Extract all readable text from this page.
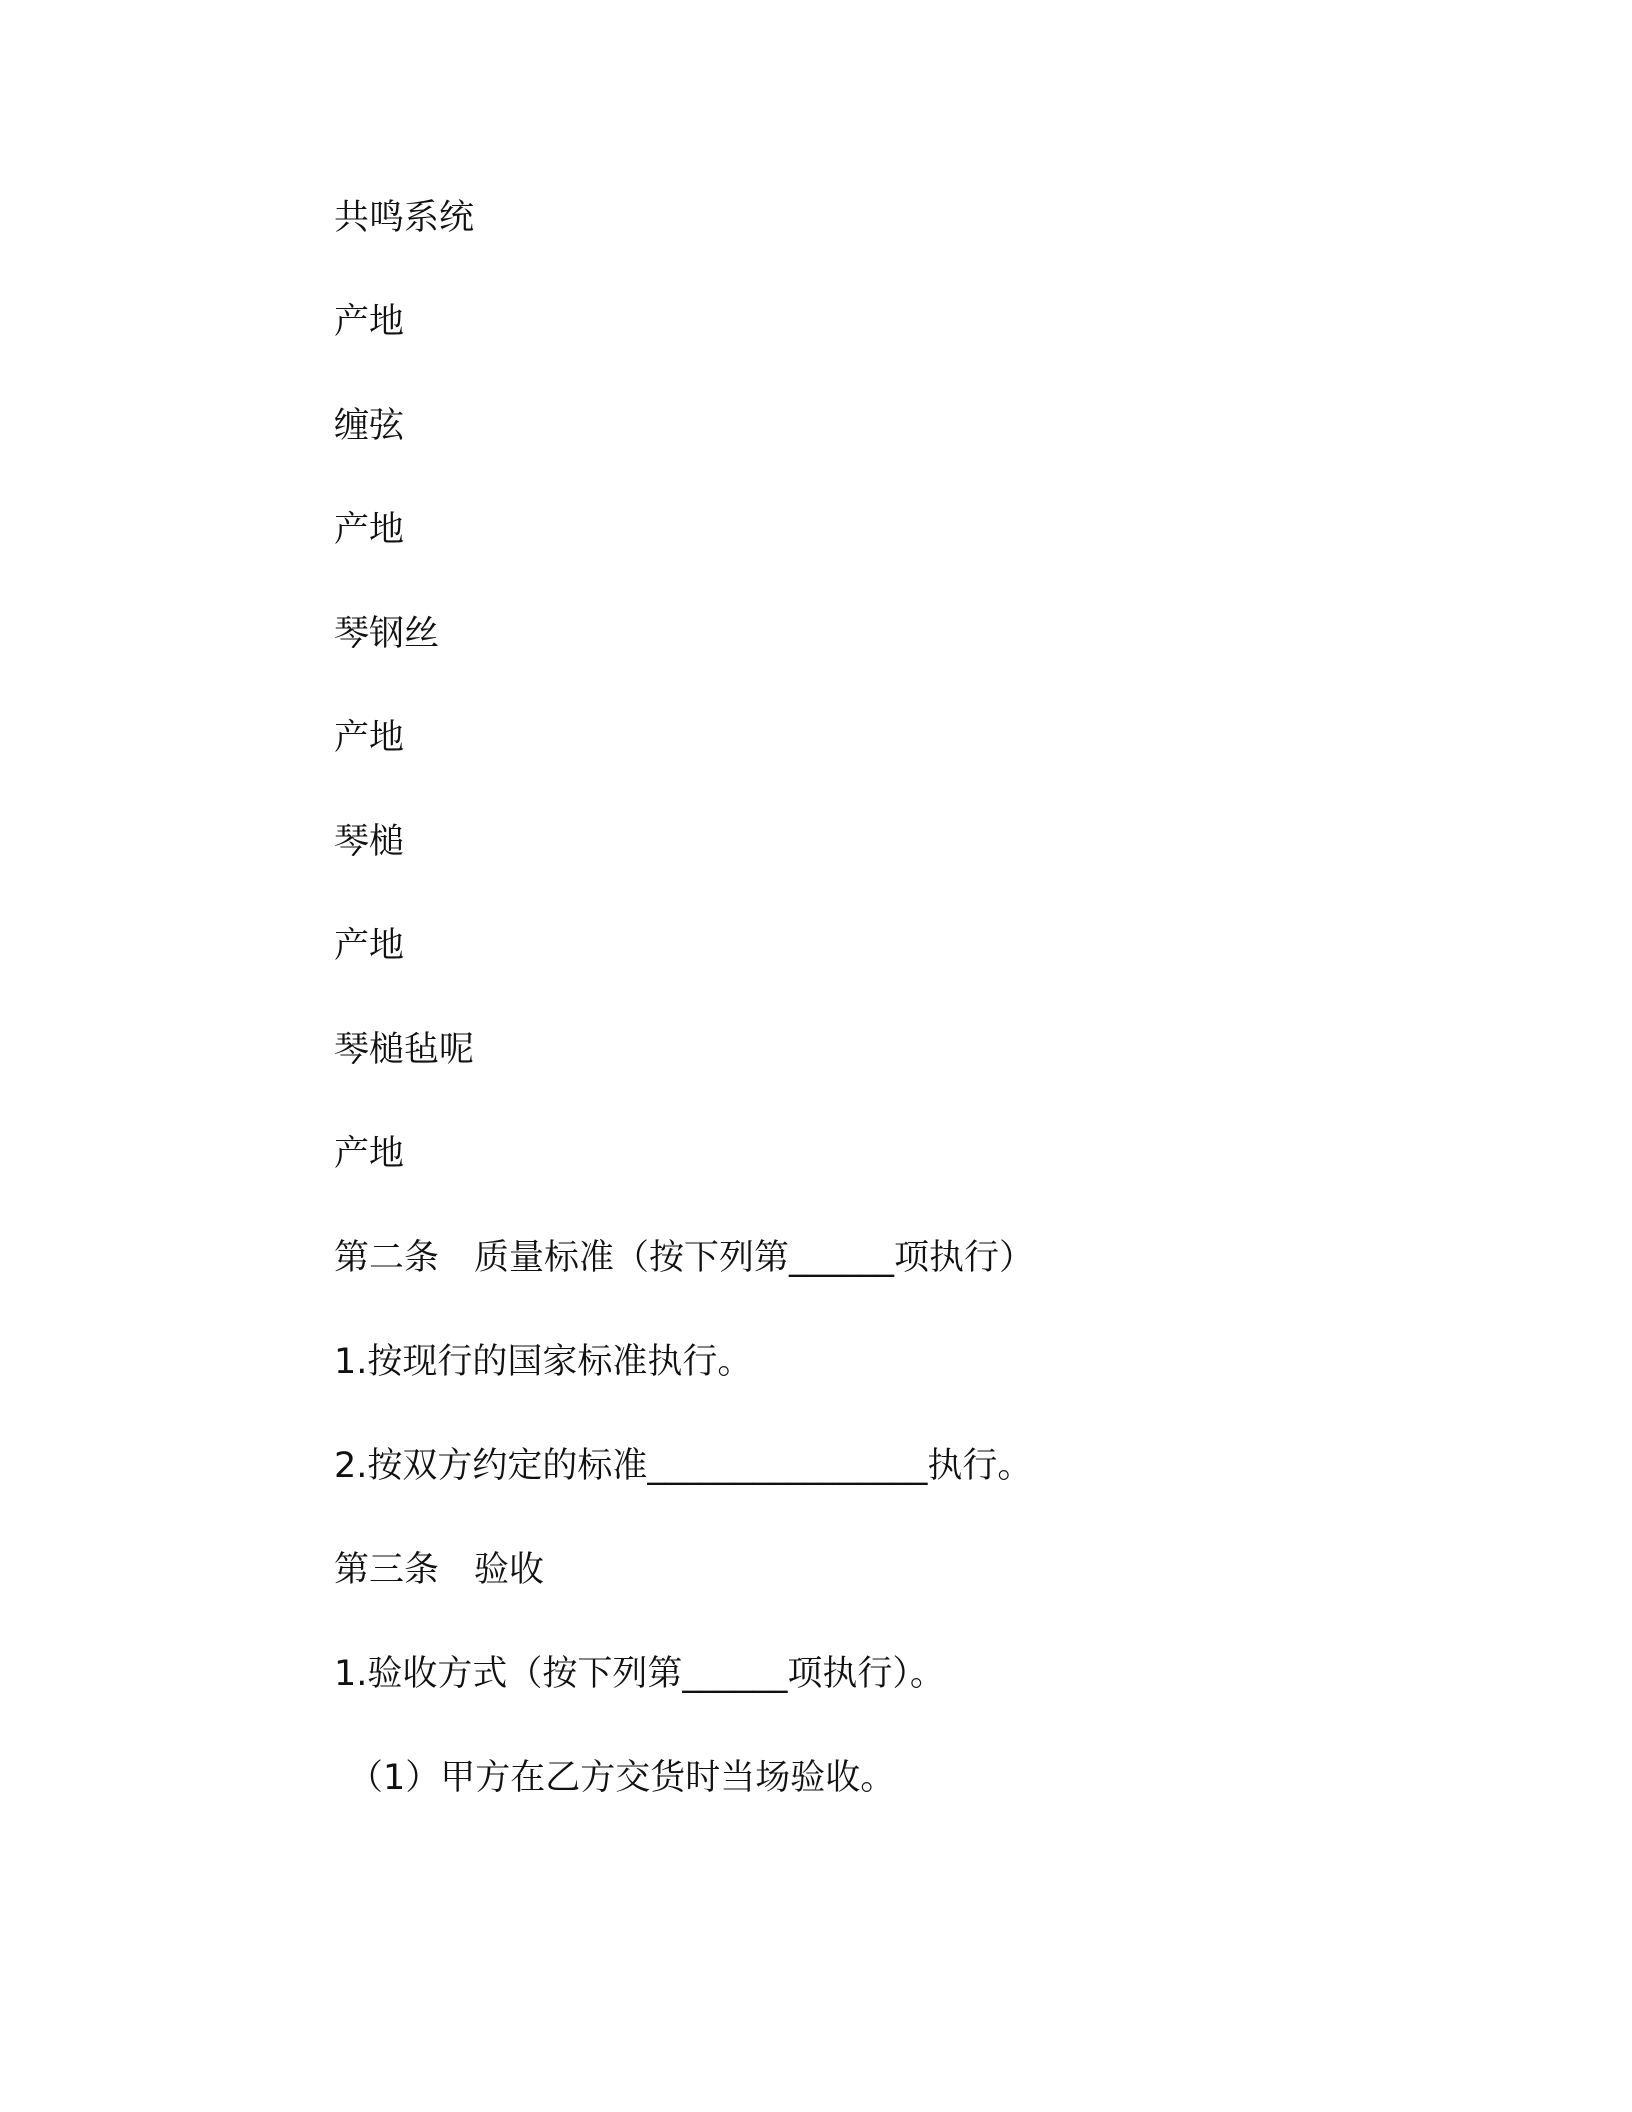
共鸣系统
产地
缠弦
产地
琴钢丝
产地
琴槌
产地
琴槌毡呢
产地
第二条　质量标准（按下列第______项执行）
1.按现行的国家标准执行。
2.按双方约定的标准________________执行。
第三条　验收
1.验收方式（按下列第______项执行）。
（1）甲方在乙方交货时当场验收。
